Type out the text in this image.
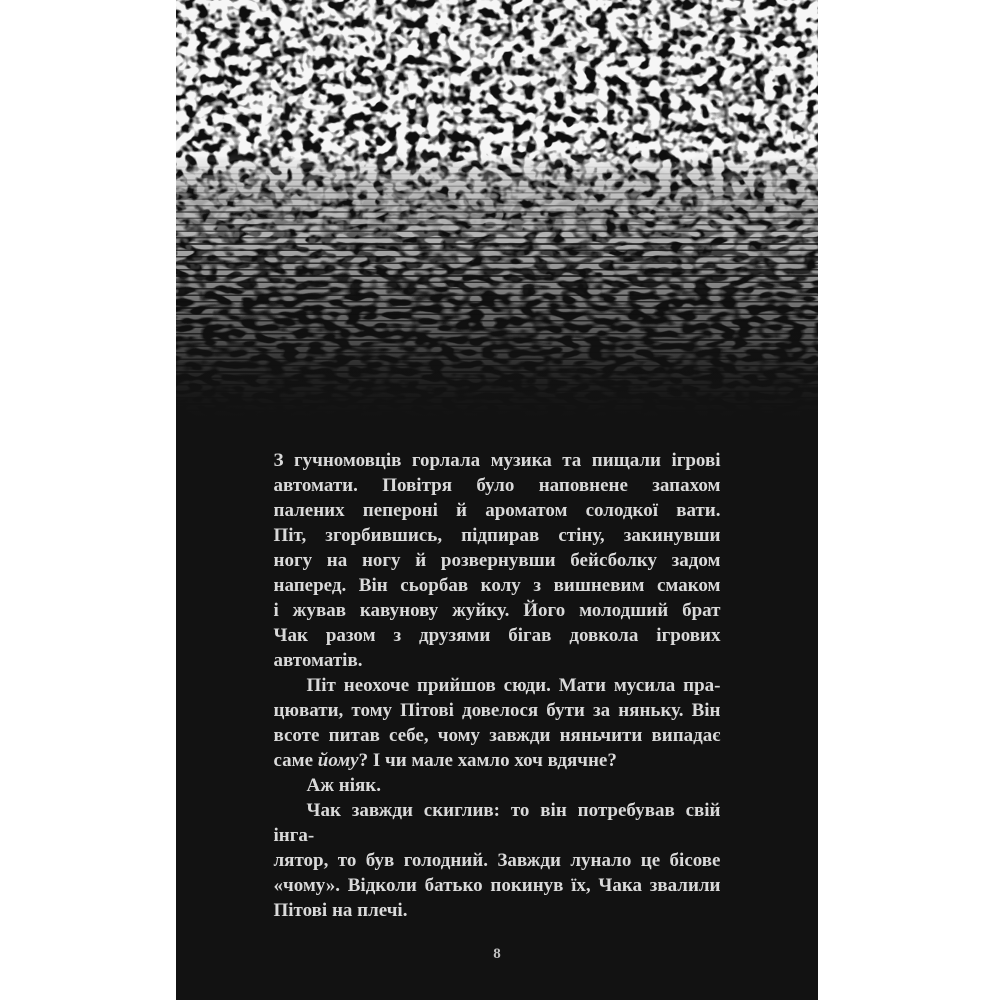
З гучномовців горлала музика та пищали ігрові
автомати. Повітря було наповнене запахом
палених пепероні й ароматом солодкої вати.
Піт, згорбившись, підпирав стіну, закинувши
ногу на ногу й розвернувши бейсболку задом
наперед. Він сьорбав колу з вишневим смаком
і жував кавунову жуйку. Його молодший брат
Чак разом з друзями бігав довкола ігрових
автоматів.
Піт неохоче прийшов сюди. Мати мусила пра-
цювати, тому Пітові довелося бути за няньку. Він
всоте питав себе, чому завжди няньчити випадає
саме йому? І чи мале хамло хоч вдячне?
Аж ніяк.
Чак завжди скиглив: то він потребував свій інга-
лятор, то був голодний. Завжди лунало це бісове
«чому». Відколи батько покинув їх, Чака звалили
Пітові на плечі.
8
